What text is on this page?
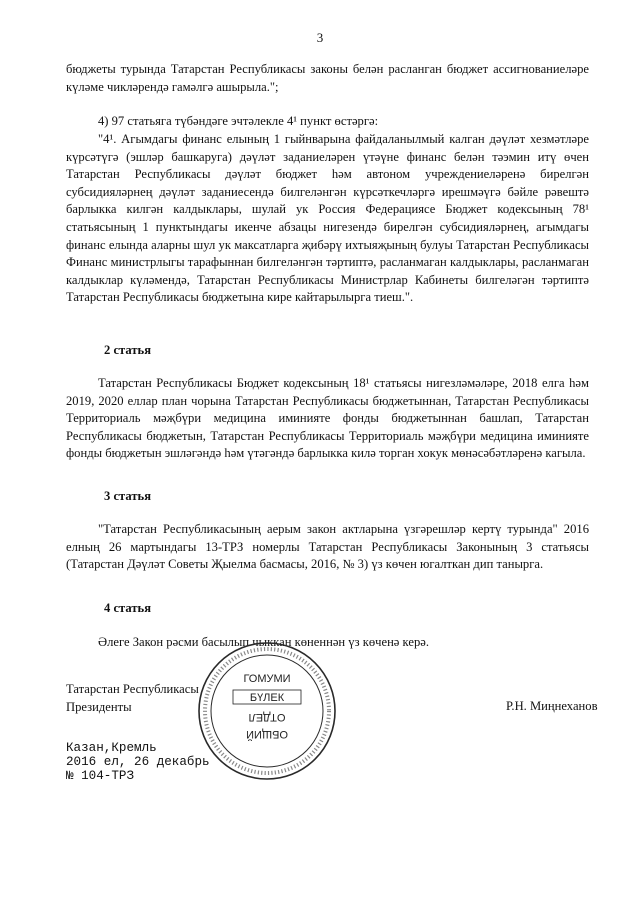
3

бюджеты турында Татарстан Республикасы законы белән расланган бюджет ассигнованиеләре күләме чикләрендә гамәлгә ашырыла.";

4) 97 статьяга түбәндәге эчтәлекле 4¹ пункт өстәргә:

"4¹. Агымдагы финанс елының 1 гыйнварына файдаланылмый калган дәүләт хезмәтләре күрсәтүгә (эшләр башкаруга) дәүләт заданиеләрен үтәүне финанс белән тәэмин итү өчен Татарстан Республикасы дәүләт бюджет һәм автоном учреждениеләренә бирелгән субсидияләрнең дәүләт заданиесендә билгеләнгән күрсәткечләргә ирешмәүгә бәйле рәвештә барлыкка килгән калдыклары, шулай ук Россия Федерациясе Бюджет кодексының 78¹ статьясының 1 пунктындагы икенче абзацы нигезендә бирелгән субсидияләрнең, агымдагы финанс елында аларны шул ук максатларга җибәрү ихтыяҗының булуы Татарстан Республикасы Финанс министрлыгы тарафыннан билгеләнгән тәртиптә, расланмаган калдыклары, расланмаган калдыклар күләмендә, Татарстан Республикасы Министрлар Кабинеты билгеләгән тәртиптә Татарстан Республикасы бюджетына кире кайтарылырга тиеш.".

2 статья

Татарстан Республикасы Бюджет кодексының 18¹ статьясы нигезләмәләре, 2018 елга һәм 2019, 2020 еллар план чорына Татарстан Республикасы бюджетыннан, Татарстан Республикасы Территориаль мәҗбүри медицина иминияте фонды бюджетыннан башлап, Татарстан Республикасы бюджетын, Татарстан Республикасы Территориаль мәҗбүри медицина иминияте фонды бюджетын эшләгәндә һәм үтәгәндә барлыкка килә торган хокук мөнәсәбәтләренә кагыла.

3 статья

"Татарстан Республикасының аерым закон актларына үзгәрешләр кертү турында" 2016 елның 26 мартындагы 13-ТРЗ номерлы Татарстан Республикасы Законының 3 статьясы (Татарстан Дәүләт Советы Җыелма басмасы, 2016, № 3) үз көчен югалткан дип танырга.

4 статья

Әлеге Закон рәсми басылып чыккан көненнән үз көченә керә.

Татарстан Республикасы
Президенты	Р.Н. Миңнеханов
ГОМУМИ
БҮЛЕК
ОТДЕЛ
ОБЩИЙ
Казан,Кремль
2016 ел, 26 декабрь
№ 104-ТРЗ
